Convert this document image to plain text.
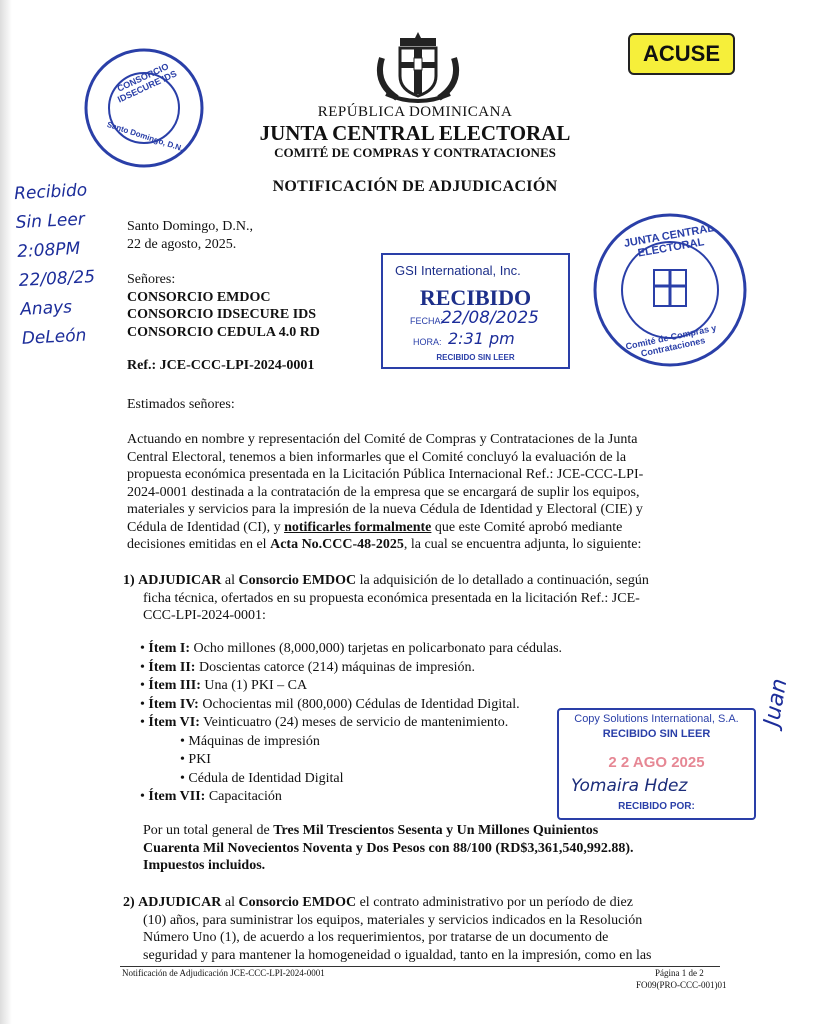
ACUSE
REPÚBLICA DOMINICANA
JUNTA CENTRAL ELECTORAL
COMITÉ DE COMPRAS Y CONTRATACIONES
NOTIFICACIÓN DE ADJUDICACIÓN
CONSORCIO IDSECURE IDS
Santo Domingo, D.N.
JUNTA CENTRAL ELECTORAL
Comité de Compras y Contrataciones
GSI International, Inc.
RECIBIDO
FECHA:
22/08/2025
HORA: 2:31 pm
RECIBIDO SIN LEER
Recibido
Sin Leer
2:08PM
22/08/25
Anays
DeLeón
Juan
Santo Domingo, D.N.,
22 de agosto, 2025.
Señores:
CONSORCIO EMDOC
CONSORCIO IDSECURE IDS
CONSORCIO CEDULA 4.0 RD
Ref.: JCE-CCC-LPI-2024-0001
Estimados señores:
Actuando en nombre y representación del Comité de Compras y Contrataciones de la Junta
Central Electoral, tenemos a bien informarles que el Comité concluyó la evaluación de la
propuesta económica presentada en la Licitación Pública Internacional Ref.: JCE-CCC-LPI-
2024-0001 destinada a la contratación de la empresa que se encargará de suplir los equipos,
materiales y servicios para la impresión de la nueva Cédula de Identidad y Electoral (CIE) y
Cédula de Identidad (CI), y notificarles formalmente que este Comité aprobó mediante
decisiones emitidas en el Acta No.CCC-48-2025, la cual se encuentra adjunta, lo siguiente:
1) ADJUDICAR al Consorcio EMDOC la adquisición de lo detallado a continuación, según
ficha técnica, ofertados en su propuesta económica presentada en la licitación Ref.: JCE-
CCC-LPI-2024-0001:
• Ítem I: Ocho millones (8,000,000) tarjetas en policarbonato para cédulas.
• Ítem II: Doscientas catorce (214) máquinas de impresión.
• Ítem III: Una (1) PKI – CA
• Ítem IV: Ochocientas mil (800,000) Cédulas de Identidad Digital.
• Ítem VI: Veinticuatro (24) meses de servicio de mantenimiento.
• Máquinas de impresión
• PKI
• Cédula de Identidad Digital
• Ítem VII: Capacitación
Copy Solutions International, S.A.
RECIBIDO SIN LEER
2 2 AGO 2025
Yomaira Hdez
RECIBIDO POR:
Por un total general de Tres Mil Trescientos Sesenta y Un Millones Quinientos
Cuarenta Mil Novecientos Noventa y Dos Pesos con 88/100 (RD$3,361,540,992.88).
Impuestos incluidos.
2) ADJUDICAR al Consorcio EMDOC el contrato administrativo por un período de diez
(10) años, para suministrar los equipos, materiales y servicios indicados en la Resolución
Número Uno (1), de acuerdo a los requerimientos, por tratarse de un documento de
seguridad y para mantener la homogeneidad o igualdad, tanto en la impresión, como en las
Notificación de Adjudicación JCE-CCC-LPI-2024-0001	Página 1 de 2
FO09(PRO-CCC-001)01
